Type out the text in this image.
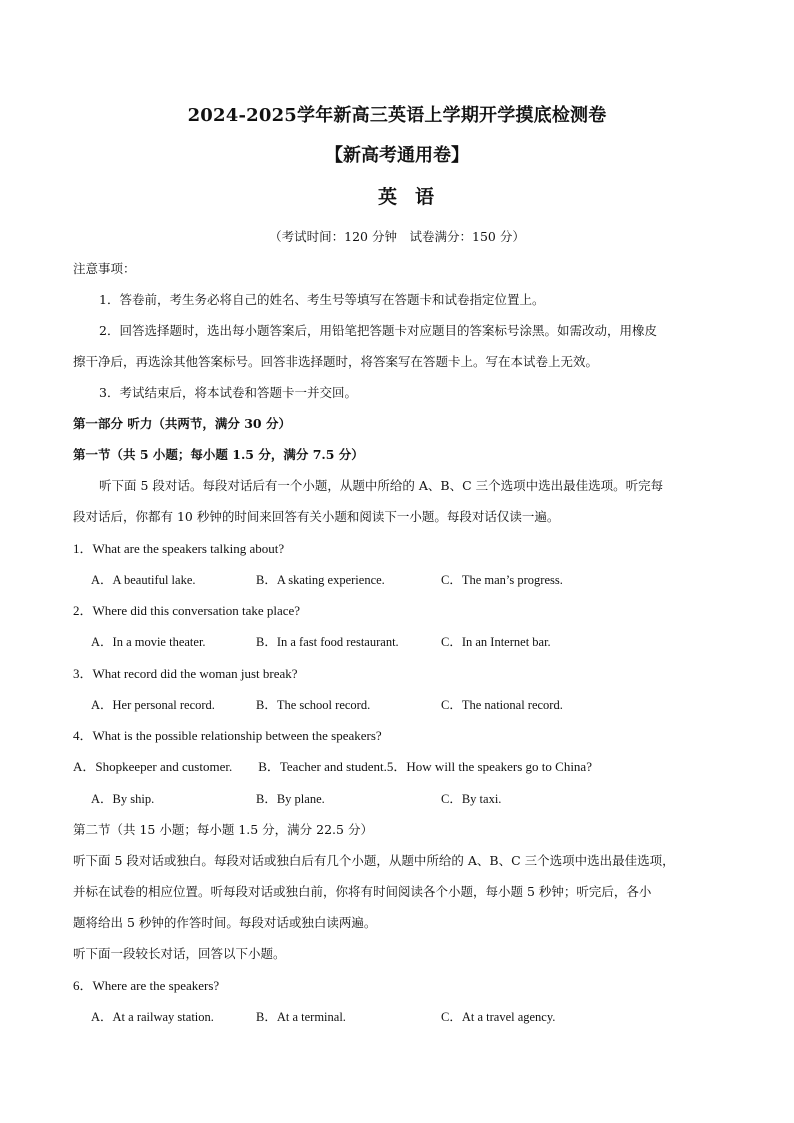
2024-2025学年新高三英语上学期开学摸底检测卷
【新高考通用卷】
英语
（考试时间：120 分钟　试卷满分：150 分）
注意事项：
1．答卷前，考生务必将自己的姓名、考生号等填写在答题卡和试卷指定位置上。
2．回答选择题时，选出每小题答案后，用铅笔把答题卡对应题目的答案标号涂黑。如需改动，用橡皮
擦干净后，再选涂其他答案标号。回答非选择题时，将答案写在答题卡上。写在本试卷上无效。
3．考试结束后，将本试卷和答题卡一并交回。
第一部分 听力（共两节，满分 30 分）
第一节（共 5 小题；每小题 1.5 分，满分 7.5 分）
听下面 5 段对话。每段对话后有一个小题，从题中所给的 A、B、C 三个选项中选出最佳选项。听完每
段对话后，你都有 10 秒钟的时间来回答有关小题和阅读下一小题。每段对话仅读一遍。
1．What are the speakers talking about?
A．A beautiful lake.	B．A skating experience.	C．The man’s progress.
2．Where did this conversation take place?
A．In a movie theater.	B．In a fast food restaurant.	C．In an Internet bar.
3．What record did the woman just break?
A．Her personal record.	B．The school record.	C．The national record.
4．What is the possible relationship between the speakers?
A．Shopkeeper and customer.　　B．Teacher and student.5．How will the speakers go to China?
A．By ship.	B．By plane.	C．By taxi.
第二节（共 15 小题；每小题 1.5 分，满分 22.5 分）
听下面 5 段对话或独白。每段对话或独白后有几个小题，从题中所给的 A、B、C 三个选项中选出最佳选项，
并标在试卷的相应位置。听每段对话或独白前，你将有时间阅读各个小题，每小题 5 秒钟；听完后，各小
题将给出 5 秒钟的作答时间。每段对话或独白读两遍。
听下面一段较长对话，回答以下小题。
6．Where are the speakers?
A．At a railway station.	B．At a terminal.	C．At a travel agency.
